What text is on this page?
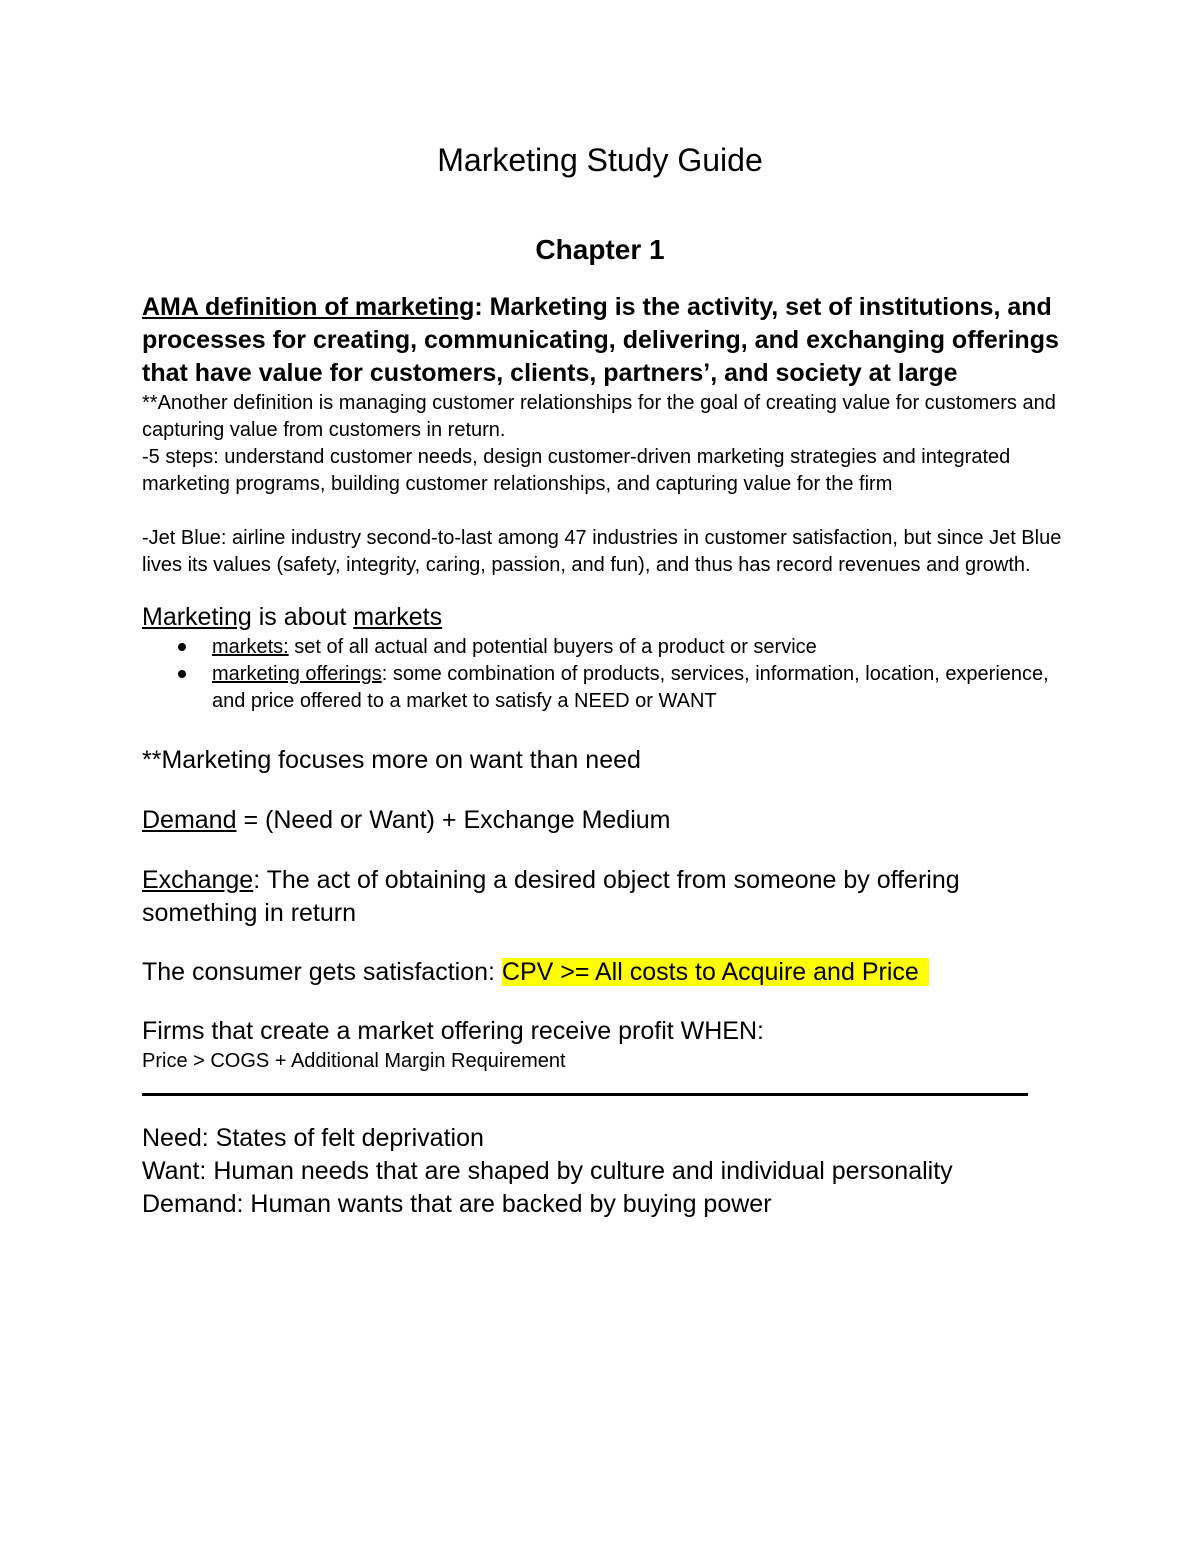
Marketing Study Guide
Chapter 1

AMA definition of marketing: Marketing is the activity, set of institutions, and processes for creating, communicating, delivering, and exchanging offerings that have value for customers, clients, partners’, and society at large

**Another definition is managing customer relationships for the goal of creating value for customers and capturing value from customers in return.

-5 steps: understand customer needs, design customer-driven marketing strategies and integrated marketing programs, building customer relationships, and capturing value for the firm

-Jet Blue: airline industry second-to-last among 47 industries in customer satisfaction, but since Jet Blue lives its values (safety, integrity, caring, passion, and fun), and thus has record revenues and growth.

Marketing is about markets

markets: set of all actual and potential buyers of a product or service
marketing offerings: some combination of products, services, information, location, experience, and price offered to a market to satisfy a NEED or WANT

**Marketing focuses more on want than need

Demand = (Need or Want) + Exchange Medium

Exchange: The act of obtaining a desired object from someone by offering something in return

The consumer gets satisfaction: CPV >= All costs to Acquire and Price

Firms that create a market offering receive profit WHEN:

Price > COGS + Additional Margin Requirement

Need: States of felt deprivation

Want: Human needs that are shaped by culture and individual personality

Demand: Human wants that are backed by buying power
